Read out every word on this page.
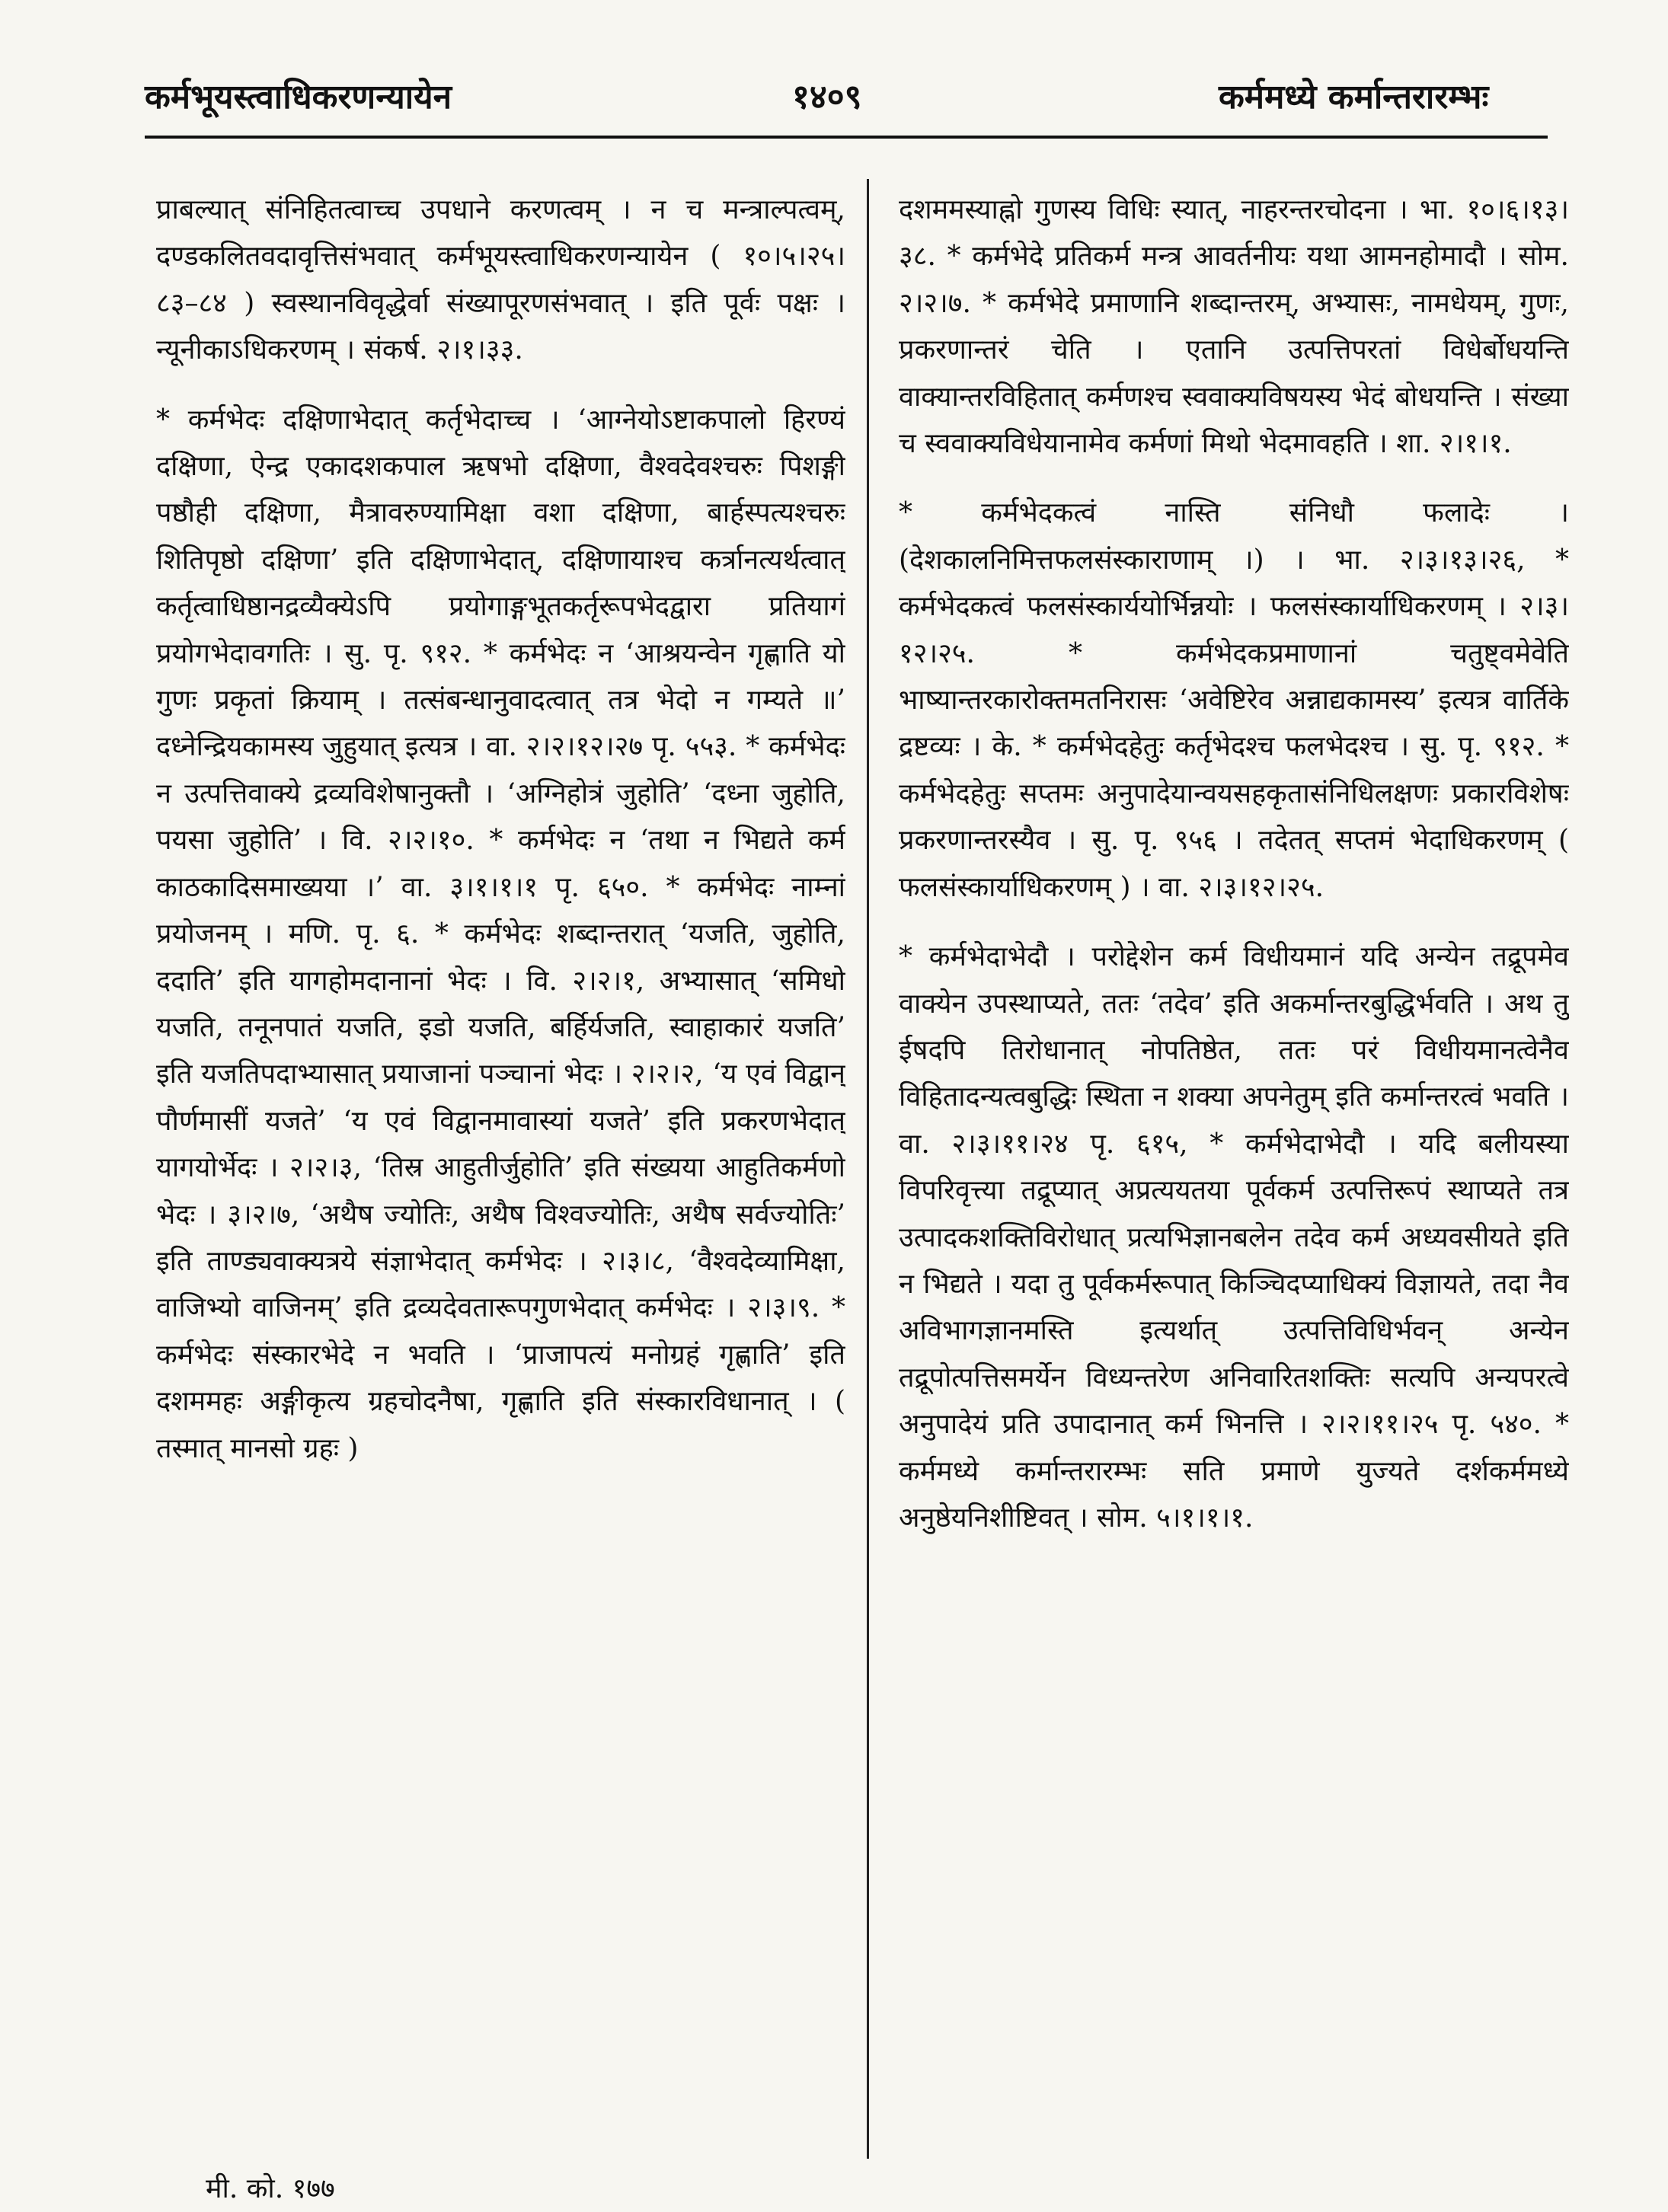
कर्मभूयस्त्वाधिकरणन्यायेन	१४०९	कर्ममध्ये कर्मान्तरारम्भः

प्राबल्यात् संनिहितत्वाच्च उपधाने करणत्वम् । न च मन्त्राल्पत्वम्, दण्डकलितवदावृत्तिसंभवात् कर्मभूयस्त्वाधिकरणन्यायेन ( १०।५।२५।८३–८४ ) स्वस्थानविवृद्धेर्वा संख्यापूरणसंभवात् । इति पूर्वः पक्षः । न्यूनीकाऽधिकरणम् । संकर्ष. २।१।३३.

* कर्मभेदः दक्षिणाभेदात् कर्तृभेदाच्च । ‘आग्नेयोऽष्टाकपालो हिरण्यं दक्षिणा, ऐन्द्र एकादशकपाल ऋषभो दक्षिणा, वैश्वदेवश्चरुः पिशङ्गी पष्ठौही दक्षिणा, मैत्रावरुण्यामिक्षा वशा दक्षिणा, बार्हस्पत्यश्चरुः शितिपृष्ठो दक्षिणा’ इति दक्षिणाभेदात्, दक्षिणायाश्च कर्त्रानत्यर्थत्वात् कर्तृत्वाधिष्ठानद्रव्यैक्येऽपि प्रयोगाङ्गभूतकर्तृरूपभेदद्वारा प्रतियागं प्रयोगभेदावगतिः । सु. पृ. ९१२. * कर्मभेदः न ‘आश्रयन्वेन गृह्णाति यो गुणः प्रकृतां क्रियाम् । तत्संबन्धानुवादत्वात् तत्र भेदो न गम्यते ॥’ दध्नेन्द्रियकामस्य जुहुयात् इत्यत्र । वा. २।२।१२।२७ पृ. ५५३. * कर्मभेदः न उत्पत्तिवाक्ये द्रव्यविशेषानुक्तौ । ‘अग्निहोत्रं जुहोति’ ‘दध्ना जुहोति, पयसा जुहोति’ । वि. २।२।१०. * कर्मभेदः न ‘तथा न भिद्यते कर्म काठकादिसमाख्यया ।’ वा. ३।१।१।१ पृ. ६५०. * कर्मभेदः नाम्नां प्रयोजनम् । मणि. पृ. ६. * कर्मभेदः शब्दान्तरात् ‘यजति, जुहोति, ददाति’ इति यागहोमदानानां भेदः । वि. २।२।१, अभ्यासात् ‘समिधो यजति, तनूनपातं यजति, इडो यजति, बर्हिर्यजति, स्वाहाकारं यजति’ इति यजतिपदाभ्यासात् प्रयाजानां पञ्चानां भेदः । २।२।२, ‘य एवं विद्वान् पौर्णमासीं यजते’ ‘य एवं विद्वानमावास्यां यजते’ इति प्रकरणभेदात् यागयोर्भेदः । २।२।३, ‘तिस्र आहुतीर्जुहोति’ इति संख्यया आहुतिकर्मणो भेदः । ३।२।७, ‘अथैष ज्योतिः, अथैष विश्वज्योतिः, अथैष सर्वज्योतिः’ इति ताण्ड्यवाक्यत्रये संज्ञाभेदात् कर्मभेदः । २।३।८, ‘वैश्वदेव्यामिक्षा, वाजिभ्यो वाजिनम्’ इति द्रव्यदेवतारूपगुणभेदात् कर्मभेदः । २।३।९. * कर्मभेदः संस्कारभेदे न भवति । ‘प्राजापत्यं मनोग्रहं गृह्णाति’ इति दशममहः अङ्गीकृत्य ग्रहचोदनैषा, गृह्णाति इति संस्कारविधानात् । ( तस्मात् मानसो ग्रहः )

दशममस्याह्नो गुणस्य विधिः स्यात्, नाहरन्तरचोदना । भा. १०।६।१३।३८. * कर्मभेदे प्रतिकर्म मन्त्र आवर्तनीयः यथा आमनहोमादौ । सोम. २।२।७. * कर्मभेदे प्रमाणानि शब्दान्तरम्, अभ्यासः, नामधेयम्, गुणः, प्रकरणान्तरं चेति । एतानि उत्पत्तिपरतां विधेर्बोधयन्ति वाक्यान्तरविहितात् कर्मणश्च स्ववाक्यविषयस्य भेदं बोधयन्ति । संख्या च स्ववाक्यविधेयानामेव कर्मणां मिथो भेदमावहति । शा. २।१।१.

* कर्मभेदकत्वं नास्ति संनिधौ फलादेः । (देशकालनिमित्तफलसंस्काराणाम् ।) । भा. २।३।१३।२६, * कर्मभेदकत्वं फलसंस्कार्ययोर्भिन्नयोः । फलसंस्कार्याधिकरणम् । २।३।१२।२५. * कर्मभेदकप्रमाणानां चतुष्ट्वमेवेति भाष्यान्तरकारोक्तमतनिरासः ‘अवेष्टिरेव अन्नाद्यकामस्य’ इत्यत्र वार्तिके द्रष्टव्यः । के. * कर्मभेदहेतुः कर्तृभेदश्च फलभेदश्च । सु. पृ. ९१२. * कर्मभेदहेतुः सप्तमः अनुपादेयान्वयसहकृतासंनिधिलक्षणः प्रकारविशेषः प्रकरणान्तरस्यैव । सु. पृ. ९५६ । तदेतत् सप्तमं भेदाधिकरणम् ( फलसंस्कार्याधिकरणम् ) । वा. २।३।१२।२५.

* कर्मभेदाभेदौ । परोद्देशेन कर्म विधीयमानं यदि अन्येन तद्रूपमेव वाक्येन उपस्थाप्यते, ततः ‘तदेव’ इति अकर्मान्तरबुद्धिर्भवति । अथ तु ईषदपि तिरोधानात् नोपतिष्ठेत, ततः परं विधीयमानत्वेनैव विहितादन्यत्वबुद्धिः स्थिता न शक्या अपनेतुम् इति कर्मान्तरत्वं भवति । वा. २।३।११।२४ पृ. ६१५, * कर्मभेदाभेदौ । यदि बलीयस्या विपरिवृत्त्या तद्रूप्यात् अप्रत्ययतया पूर्वकर्म उत्पत्तिरूपं स्थाप्यते तत्र उत्पादकशक्तिविरोधात् प्रत्यभिज्ञानबलेन तदेव कर्म अध्यवसीयते इति न भिद्यते । यदा तु पूर्वकर्मरूपात् किञ्चिदप्याधिक्यं विज्ञायते, तदा नैव अविभागज्ञानमस्ति इत्यर्थात् उत्पत्तिविधिर्भवन् अन्येन तद्रूपोत्पत्तिसमर्येन विध्यन्तरेण अनिवारितशक्तिः सत्यपि अन्यपरत्वे अनुपादेयं प्रति उपादानात् कर्म भिनत्ति । २।२।११।२५ पृ. ५४०. * कर्ममध्ये कर्मान्तरारम्भः सति प्रमाणे युज्यते दर्शकर्ममध्ये अनुष्ठेयनिशीष्टिवत् । सोम. ५।१।१।१.

मी. को. १७७
